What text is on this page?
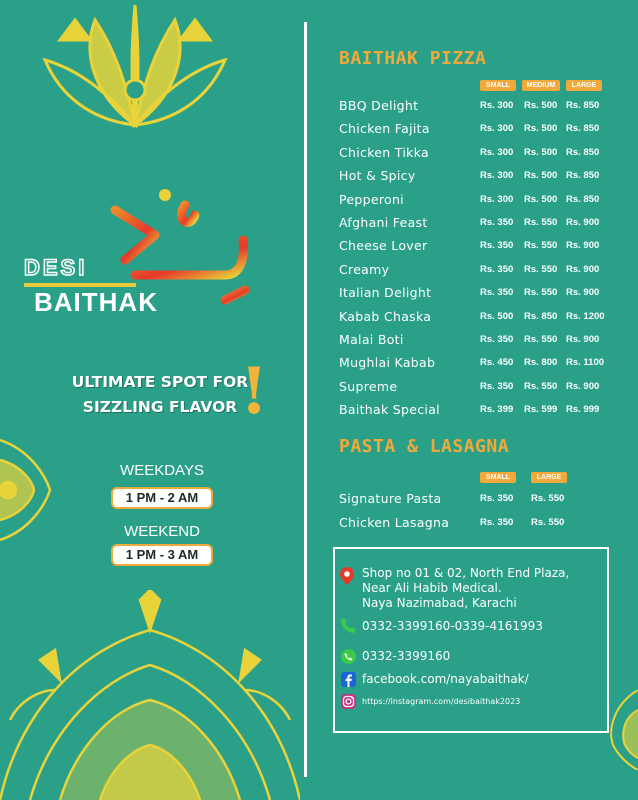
DESI
BAITHAK
ULTIMATE SPOT FOR
SIZZLING FLAVOR !
WEEKDAYS
1 PM - 2 AM
WEEKEND
1 PM - 3 AM
BAITHAK PIZZA
SMALL	MEDIUM	LARGE
BBQ Delight	Rs. 300 Rs. 500 Rs. 850
Chicken Fajita	Rs. 300 Rs. 500 Rs. 850
Chicken Tikka	Rs. 300 Rs. 500 Rs. 850
Hot & Spicy	Rs. 300 Rs. 500 Rs. 850
Pepperoni	Rs. 300 Rs. 500 Rs. 850
Afghani Feast	Rs. 350 Rs. 550 Rs. 900
Cheese Lover	Rs. 350 Rs. 550 Rs. 900
Creamy	Rs. 350 Rs. 550 Rs. 900
Italian Delight	Rs. 350 Rs. 550 Rs. 900
Kabab Chaska	Rs. 500 Rs. 850 Rs. 1200
Malai Boti	Rs. 350 Rs. 550 Rs. 900
Mughlai Kabab	Rs. 450 Rs. 800 Rs. 1100
Supreme	Rs. 350 Rs. 550 Rs. 900
Baithak Special	Rs. 399 Rs. 599 Rs. 999
PASTA & LASAGNA
SMALL	LARGE
Signature Pasta	Rs. 350 Rs. 550
Chicken Lasagna	Rs. 350 Rs. 550
Shop no 01 & 02, North End Plaza,
Near Ali Habib Medical.
Naya Nazimabad, Karachi
0332-3399160-0339-4161993
0332-3399160
facebook.com/nayabaithak/
https://instagram.com/desibaithak2023
